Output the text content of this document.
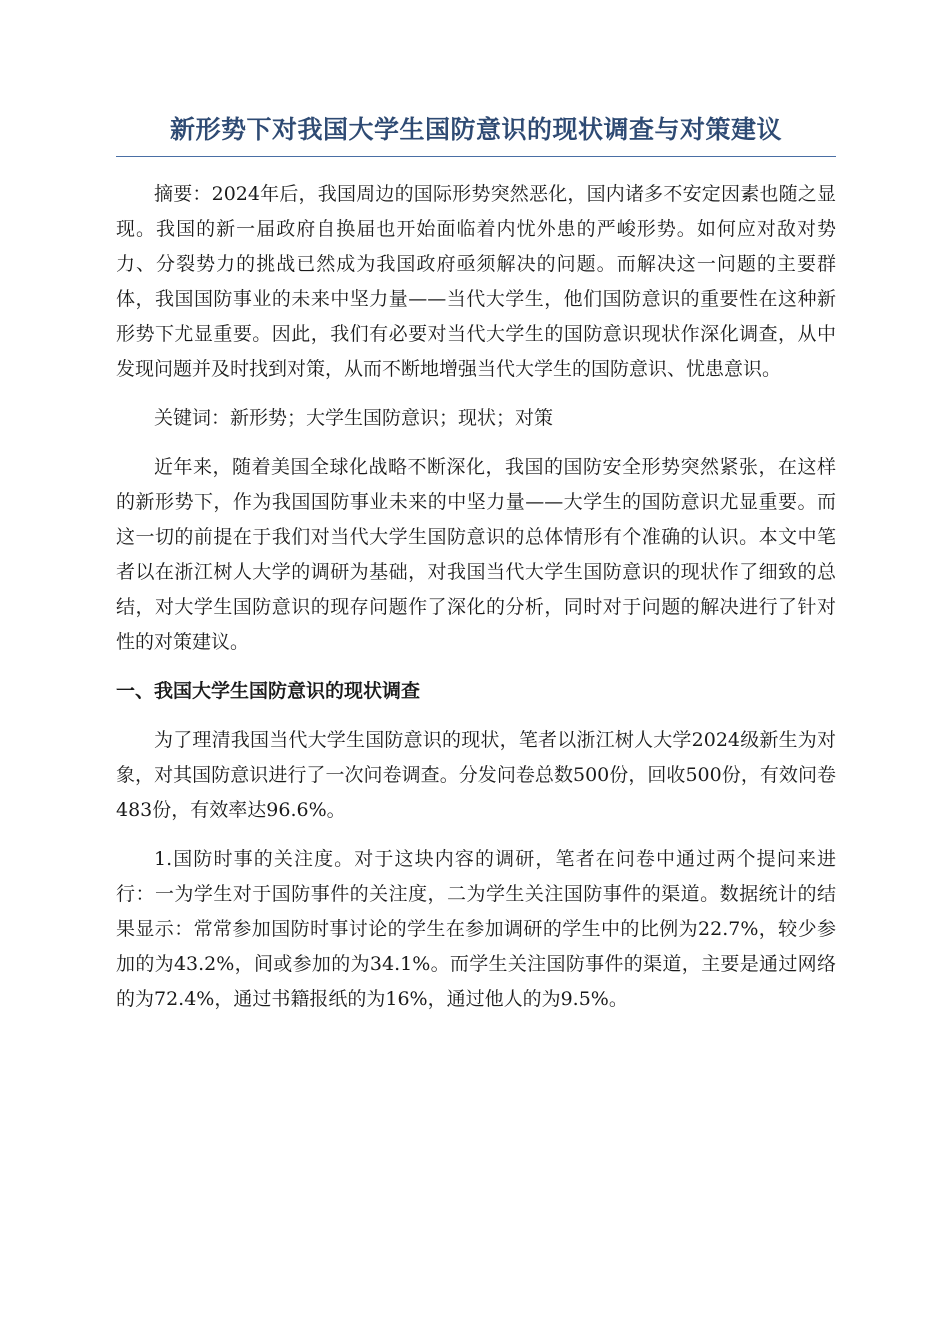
新形势下对我国大学生国防意识的现状调查与对策建议

摘要：2024年后，我国周边的国际形势突然恶化，国内诸多不安定因素也随之显现。我国的新一届政府自换届也开始面临着内忧外患的严峻形势。如何应对敌对势力、分裂势力的挑战已然成为我国政府亟须解决的问题。而解决这一问题的主要群体，我国国防事业的未来中坚力量——当代大学生，他们国防意识的重要性在这种新形势下尤显重要。因此，我们有必要对当代大学生的国防意识现状作深化调查，从中发现问题并及时找到对策，从而不断地增强当代大学生的国防意识、忧患意识。

关键词：新形势；大学生国防意识；现状；对策

近年来，随着美国全球化战略不断深化，我国的国防安全形势突然紧张，在这样的新形势下，作为我国国防事业未来的中坚力量——大学生的国防意识尤显重要。而这一切的前提在于我们对当代大学生国防意识的总体情形有个准确的认识。本文中笔者以在浙江树人大学的调研为基础，对我国当代大学生国防意识的现状作了细致的总结，对大学生国防意识的现存问题作了深化的分析，同时对于问题的解决进行了针对性的对策建议。

一、我国大学生国防意识的现状调查

为了理清我国当代大学生国防意识的现状，笔者以浙江树人大学2024级新生为对象，对其国防意识进行了一次问卷调查。分发问卷总数500份，回收500份，有效问卷483份，有效率达96.6%。

1.国防时事的关注度。对于这块内容的调研，笔者在问卷中通过两个提问来进行：一为学生对于国防事件的关注度，二为学生关注国防事件的渠道。数据统计的结果显示：常常参加国防时事讨论的学生在参加调研的学生中的比例为22.7%，较少参加的为43.2%，间或参加的为34.1%。而学生关注国防事件的渠道，主要是通过网络的为72.4%，通过书籍报纸的为16%，通过他人的为9.5%。
